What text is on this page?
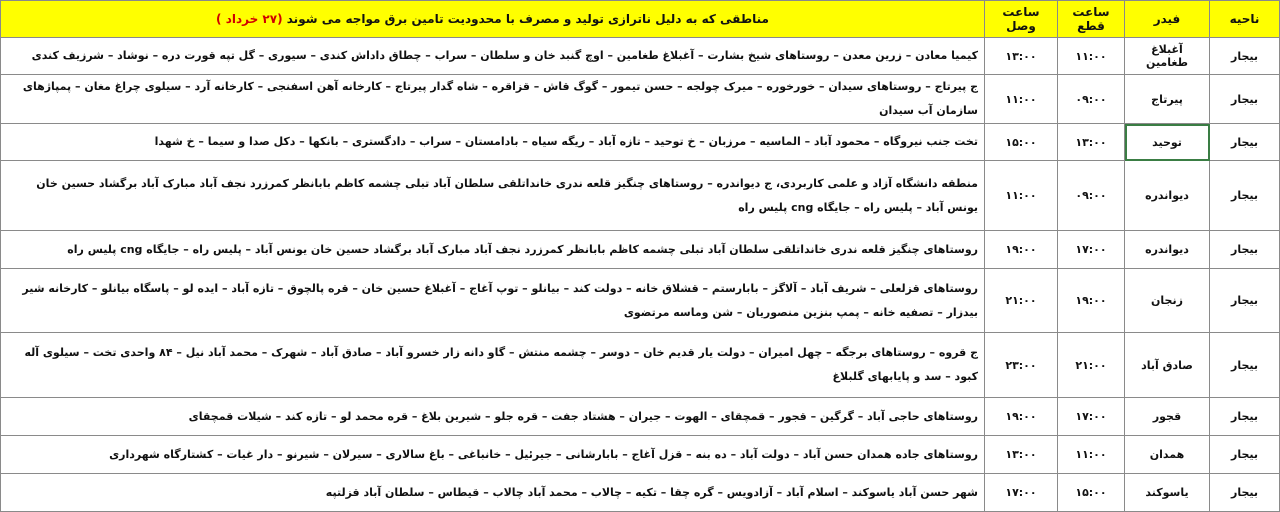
ناحیه	فیدر	ساعت قطع	ساعت وصل	مناطقی که به دلیل ناترازی تولید و مصرف با محدودیت تامین برق مواجه می شوند (۲۷ خرداد )
بیجار	آغبلاغ طغامین	۱۱:۰۰	۱۳:۰۰	کیمیا معادن – زرین معدن – روستاهای شیخ بشارت – آغبلاغ طغامین – اوچ گنبد خان و سلطان – سراب – چطاق داداش کندی – سیوری – گل تپه قورت دره – نوشاد – شرزیف کندی
بیجار	پیرتاج	۰۹:۰۰	۱۱:۰۰	ج پیرتاج – روستاهای سیدان – خورخوره – میرک چولجه – حسن تیمور – گوگ قاش – قزاقره – شاه گدار پیرتاج – کارخانه آهن اسفنجی – کارخانه آرد – سیلوی چراغ مغان – پمپاژهای سازمان آب سیدان
بیجار	توحید	۱۳:۰۰	۱۵:۰۰	تخت جنب نیروگاه – محمود آباد – الماسیه – مرزبان – خ توحید – تازه آباد – ریگه سیاه – بادامستان – سراب – دادگستری – بانکها – دکل صدا و سیما – خ شهدا
بیجار	دیواندره	۰۹:۰۰	۱۱:۰۰	منطقه دانشگاه آزاد و علمی کاربردی، ج دیواندره – روستاهای چنگیز قلعه ندری خانداتلقی سلطان آباد تبلی چشمه کاظم بابانظر کمرزرد نجف آباد مبارک آباد برگشاد حسین خان یونس آباد – پلیس راه – جایگاه cng پلیس راه
بیجار	دیواندره	۱۷:۰۰	۱۹:۰۰	روستاهای چنگیز قلعه ندری خانداتلقی سلطان آباد تبلی چشمه کاظم بابانظر کمرزرد نجف آباد مبارک آباد برگشاد حسین خان یونس آباد – پلیس راه – جایگاه cng پلیس راه
بیجار	زنجان	۱۹:۰۰	۲۱:۰۰	روستاهای قزلعلی – شریف آباد – آلاگز – بابارستم – قشلاق خانه – دولت کند – بیانلو – توپ آغاج – آغبلاغ حسین خان – قره پالچوق – تازه آباد – ایده لو – پاسگاه بیانلو – کارخانه شیر بیدزار – تصفیه خانه – پمپ بنزین منصوریان – شن وماسه مرتضوی
بیجار	صادق آباد	۲۱:۰۰	۲۳:۰۰	ج قروه – روستاهای برجگه – چهل امیران – دولت یار قدیم خان – دوسر – چشمه منتش – گاو دانه زار خسرو آباد – صادق آباد – شهرک – محمد آباد نیل – ۸۴ واحدی تخت – سیلوی آله کبود – سد و پایابهای گلبلاغ
بیجار	قجور	۱۷:۰۰	۱۹:۰۰	روستاهای حاجی آباد – گرگین – قجور – قمچقای – الهوت – جیران – هشتاد جفت – قره جلو – شیرین بلاغ – قره محمد لو – تازه کند – شیلات قمچقای
بیجار	همدان	۱۱:۰۰	۱۳:۰۰	روستاهای جاده همدان حسن آباد – دولت آباد – ده بنه – قزل آغاج – بابارشانی – جیرئیل – خانباغی – باغ سالاری – سیرلان – شیرنو – دار غیات – کشتارگاه شهرداری
بیجار	یاسوکند	۱۵:۰۰	۱۷:۰۰	شهر حسن آباد یاسوکند – اسلام آباد – آزادویس – گره چقا – تکیه – چالاب – محمد آباد چالاب – قیطاس – سلطان آباد قزلتپه
